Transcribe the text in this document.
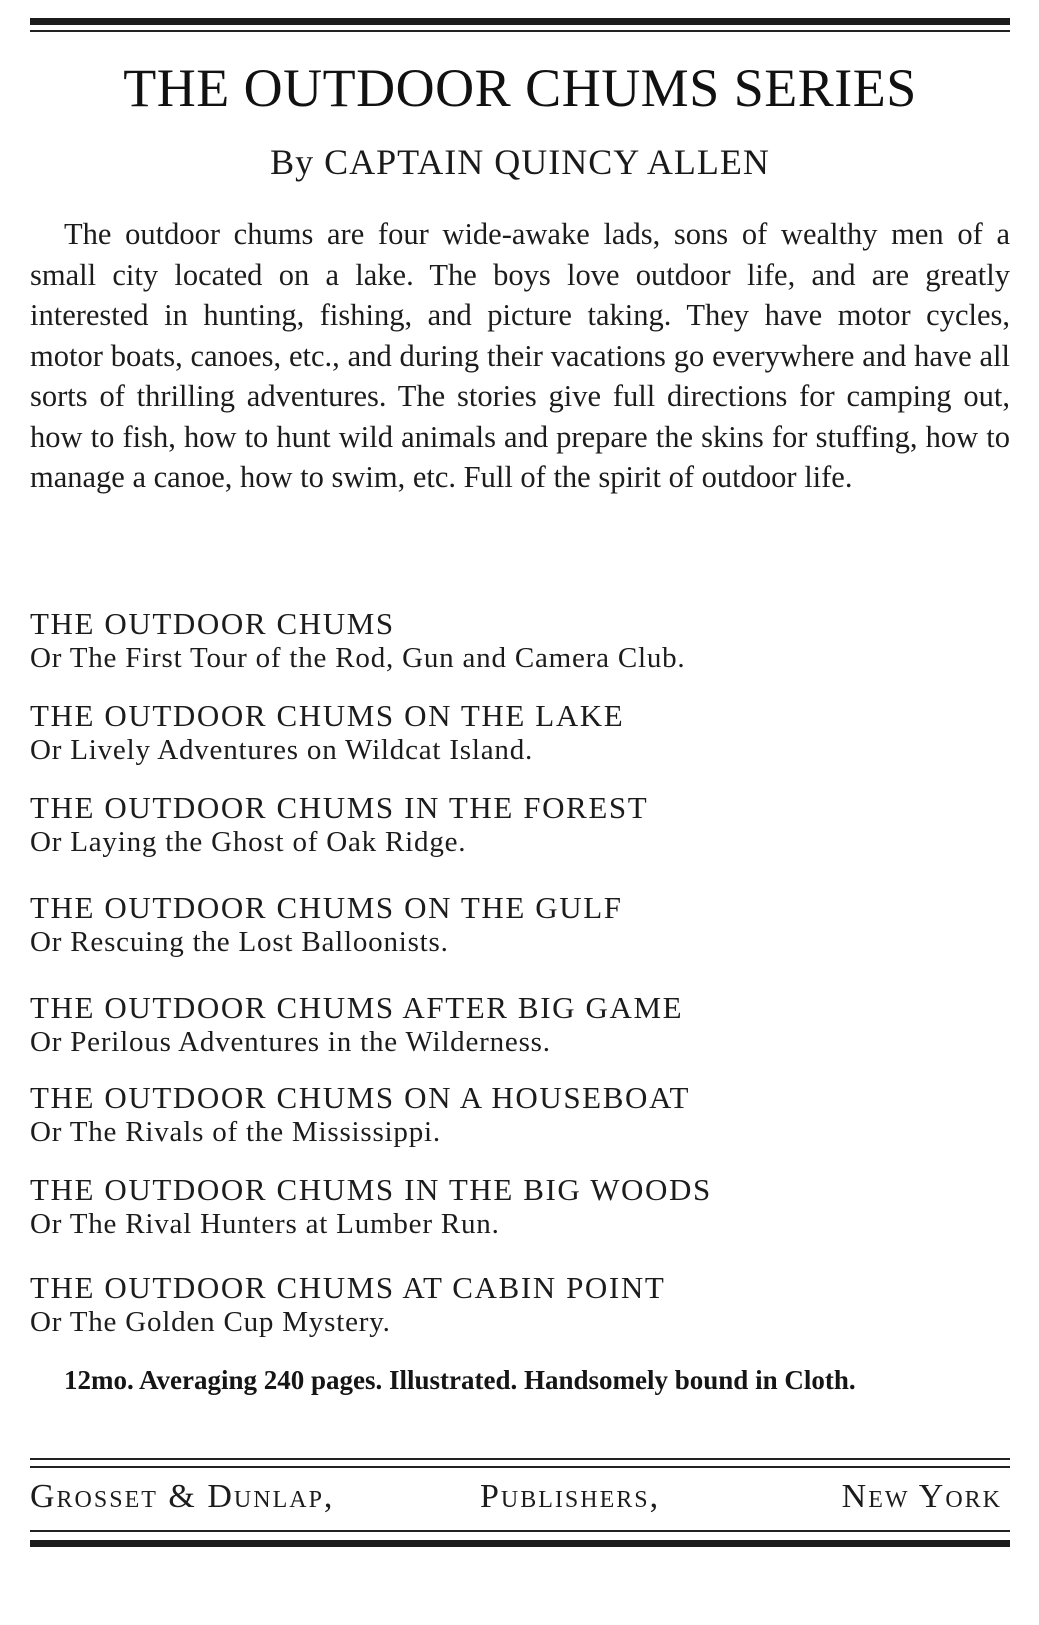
THE OUTDOOR CHUMS SERIES
By CAPTAIN QUINCY ALLEN

The outdoor chums are four wide-awake lads, sons of wealthy men of a small city located on a lake. The boys love outdoor life, and are greatly interested in hunting, fishing, and picture taking. They have motor cycles, motor boats, canoes, etc., and during their vacations go everywhere and have all sorts of thrilling adventures. The stories give full directions for camping out, how to fish, how to hunt wild animals and prepare the skins for stuffing, how to manage a canoe, how to swim, etc. Full of the spirit of outdoor life.

THE OUTDOOR CHUMS
Or The First Tour of the Rod, Gun and Camera Club.
THE OUTDOOR CHUMS ON THE LAKE
Or Lively Adventures on Wildcat Island.
THE OUTDOOR CHUMS IN THE FOREST
Or Laying the Ghost of Oak Ridge.
THE OUTDOOR CHUMS ON THE GULF
Or Rescuing the Lost Balloonists.
THE OUTDOOR CHUMS AFTER BIG GAME
Or Perilous Adventures in the Wilderness.
THE OUTDOOR CHUMS ON A HOUSEBOAT
Or The Rivals of the Mississippi.
THE OUTDOOR CHUMS IN THE BIG WOODS
Or The Rival Hunters at Lumber Run.
THE OUTDOOR CHUMS AT CABIN POINT
Or The Golden Cup Mystery.

12mo. Averaging 240 pages. Illustrated. Handsomely bound in Cloth.

Grosset & Dunlap,	Publishers,	New York
